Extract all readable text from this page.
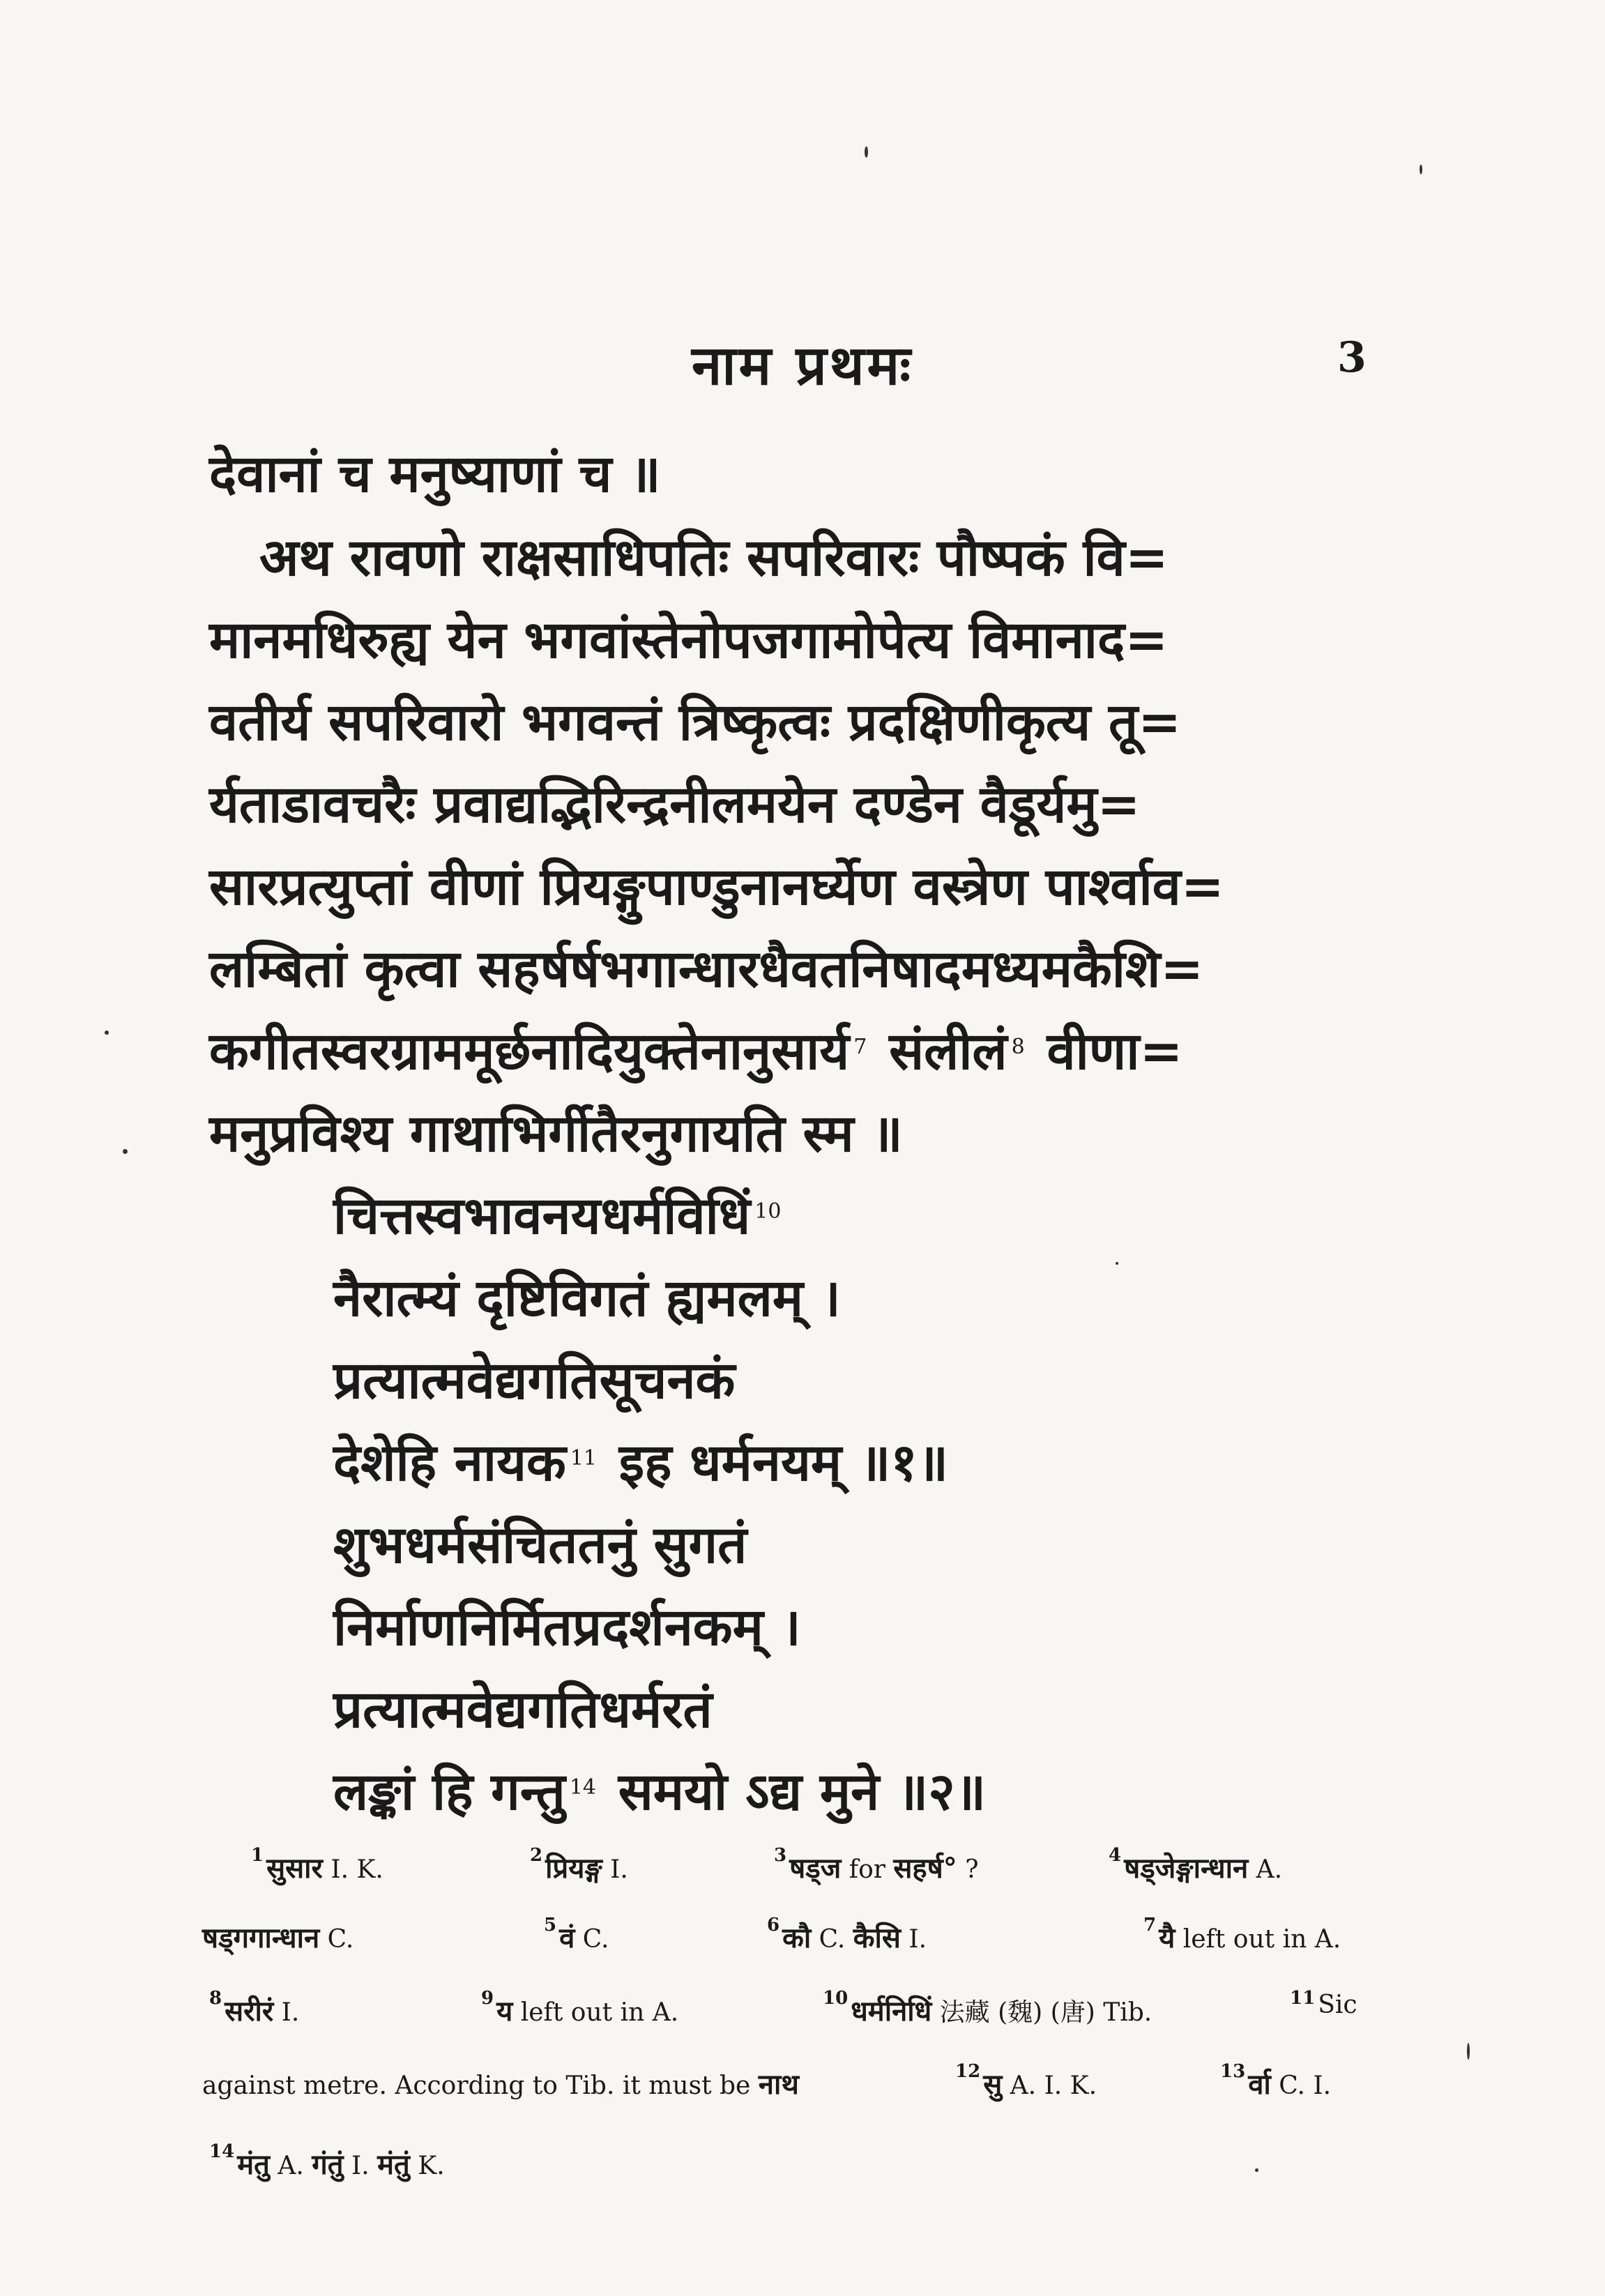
नाम प्रथमः	3
देवानां च मनुष्याणां च ॥
अथ रावणो राक्षसाधिपतिः सपरिवारः पौष्पकं वि=
मानमधिरुह्य येन भगवांस्तेनोपजगामोपेत्य विमानाद=
वतीर्य सपरिवारो भगवन्तं त्रिष्कृत्वः प्रदक्षिणीकृत्य तू=
र्यताडावचरैः प्रवाद्यद्भिरिन्द्रनीलमयेन दण्डेन वैडूर्यमु=
सारप्रत्युप्तां वीणां प्रियङ्गुपाण्डुनानर्घ्येण वस्त्रेण पार्श्वाव=
लम्बितां कृत्वा सहर्षर्षभगान्धारधैवतनिषादमध्यमकैशि=
कगीतस्वरग्राममूर्छनादियुक्तेनानुसार्य $^7$ संलीलं $^8$ वीणा=
मनुप्रविश्य गाथाभिर्गीतैरनुगायति स्म ॥
चित्तस्वभावनयधर्मविधिं $^{10}$
नैरात्म्यं दृष्टिविगतं ह्यमलम् ।
प्रत्यात्मवेद्यगतिसूचनकं
देशेहि नायक $^{11}$ इह धर्मनयम् ॥१॥
शुभधर्मसंचिततनुं सुगतं
निर्माणनिर्मितप्रदर्शनकम् ।
प्रत्यात्मवेद्यगतिधर्मरतं
लङ्कां हि गन्तु $^{14}$ समयो ऽद्य मुने ॥२॥
$^1$ सुसार I. K.	$^2$ प्रियङ्ग I.	$^3$ षड्ज for सहर्ष° ?	$^4$ षड्जेङ्गान्धान A.
षड्गगान्धान C.	$^5$ वं C.	$^6$ कौ C. कैसि I.	$^7$ यै left out in A.
$^8$ सरीरं I.	$^9$ य left out in A.	$^{10}$ धर्मनिधिं 法藏 (魏) (唐) Tib.	$^{11}$ Sic
against metre. According to Tib. it must be नाथ	$^{12}$ सु A. I. K.	$^{13}$ र्वा C. I.
$^{14}$ मंतु A. गंतुं I. मंतुं K.
